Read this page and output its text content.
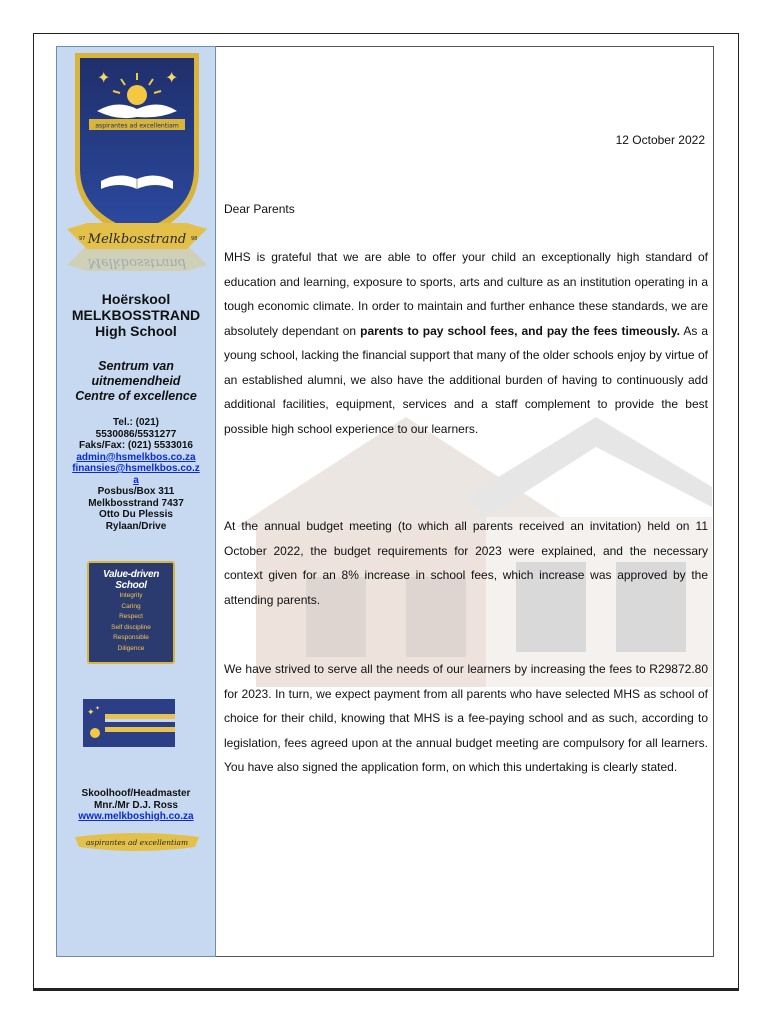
✦	✦
aspirantes ad excellentiam
Melkbosstrand
97	98
Melkbosstrand
Hoërskool
MELKBOSSTRAND
High School
Sentrum van
uitnemendheid
Centre of excellence
Tel.: (021)
5530086/5531277
Faks/Fax: (021) 5533016
admin@hsmelkbos.co.za
finansies@hsmelkbos.co.z
a
Posbus/Box 311
Melkbosstrand 7437
Otto Du Plessis
Rylaan/Drive
Value-driven School
Integrity
Caring
Respect
Self discipline
Responsible
Diligence
✦ ✦
Skoolhoof/Headmaster
Mnr./Mr D.J. Ross
www.melkboshigh.co.za
aspirantes ad excellentiam
12 October 2022
Dear Parents
MHS is grateful that we are able to offer your child an exceptionally high standard of education and learning, exposure to sports, arts and culture as an institution operating in a tough economic climate. In order to maintain and further enhance these standards, we are absolutely dependant on parents to pay school fees, and pay the fees timeously. As a young school, lacking the financial support that many of the older schools enjoy by virtue of an established alumni, we also have the additional burden of having to continuously add additional facilities, equipment, services and a staff complement to provide the best possible high school experience to our learners.
At the annual budget meeting (to which all parents received an invitation) held on 11 October 2022, the budget requirements for 2023 were explained, and the necessary context given for an 8% increase in school fees, which increase was approved by the attending parents.
We have strived to serve all the needs of our learners by increasing the fees to R29872.80 for 2023. In turn, we expect payment from all parents who have selected MHS as school of choice for their child, knowing that MHS is a fee-paying school and as such, according to legislation, fees agreed upon at the annual budget meeting are compulsory for all learners. You have also signed the application form, on which this undertaking is clearly stated.
